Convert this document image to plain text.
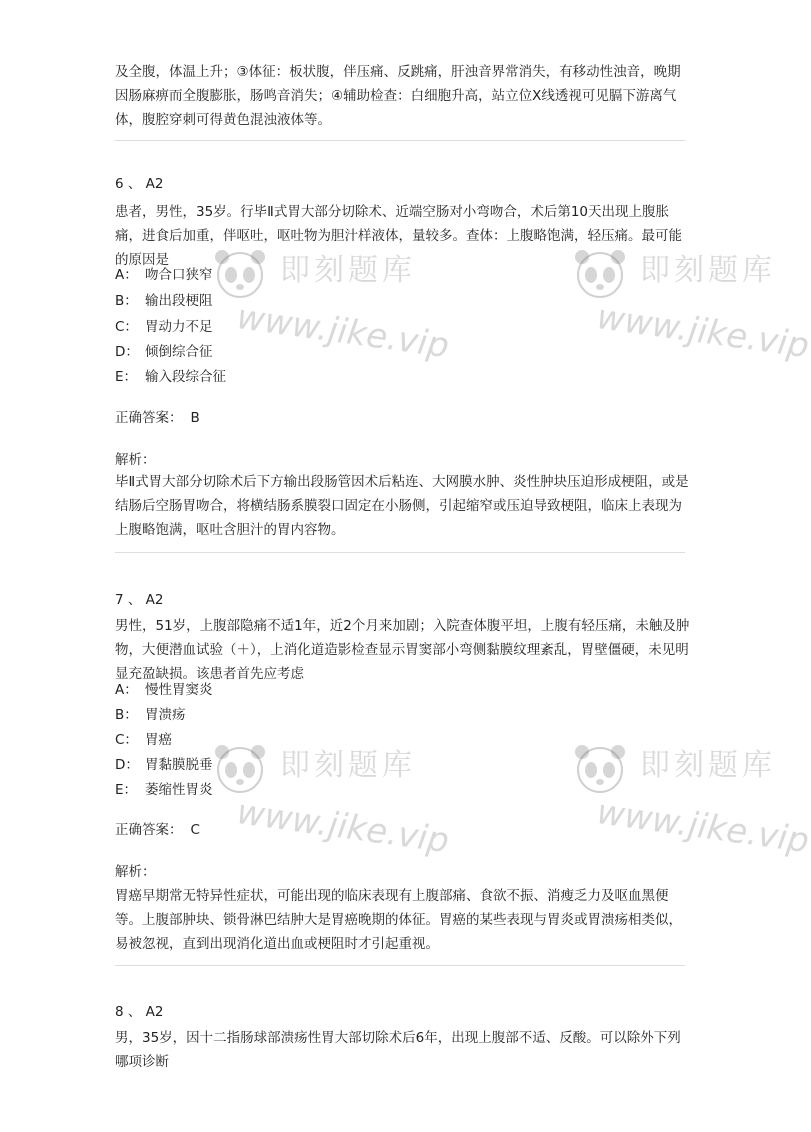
及全腹，体温上升；③体征：板状腹，伴压痛、反跳痛，肝浊音界常消失，有移动性浊音，晚期因肠麻痹而全腹膨胀，肠鸣音消失；④辅助检查：白细胞升高，站立位X线透视可见膈下游离气体，腹腔穿刺可得黄色混浊液体等。

6 、 A2

患者，男性，35岁。行毕Ⅱ式胃大部分切除术、近端空肠对小弯吻合，术后第10天出现上腹胀痛，进食后加重，伴呕吐，呕吐物为胆汁样液体，量较多。查体：上腹略饱满，轻压痛。最可能的原因是

A： 吻合口狭窄
B： 输出段梗阻
C： 胃动力不足
D： 倾倒综合征
E： 输入段综合征
正确答案： B
解析：

毕Ⅱ式胃大部分切除术后下方输出段肠管因术后粘连、大网膜水肿、炎性肿块压迫形成梗阻，或是结肠后空肠胃吻合，将横结肠系膜裂口固定在小肠侧，引起缩窄或压迫导致梗阻，临床上表现为上腹略饱满，呕吐含胆汁的胃内容物。

7 、 A2

男性，51岁，上腹部隐痛不适1年，近2个月来加剧；入院查体腹平坦，上腹有轻压痛，未触及肿物，大便潜血试验（＋），上消化道造影检查显示胃窦部小弯侧黏膜纹理紊乱，胃壁僵硬，未见明显充盈缺损。该患者首先应考虑

A： 慢性胃窦炎
B： 胃溃疡
C： 胃癌
D： 胃黏膜脱垂
E： 萎缩性胃炎
正确答案： C
解析：

胃癌早期常无特异性症状，可能出现的临床表现有上腹部痛、食欲不振、消瘦乏力及呕血黑便等。上腹部肿块、锁骨淋巴结肿大是胃癌晚期的体征。胃癌的某些表现与胃炎或胃溃疡相类似，易被忽视，直到出现消化道出血或梗阻时才引起重视。

8 、 A2

男，35岁，因十二指肠球部溃疡性胃大部切除术后6年，出现上腹部不适、反酸。可以除外下列哪项诊断

即刻题库
www.jike.vip
即刻题库
www.jike.vip
即刻题库
www.jike.vip
即刻题库
www.jike.vip
